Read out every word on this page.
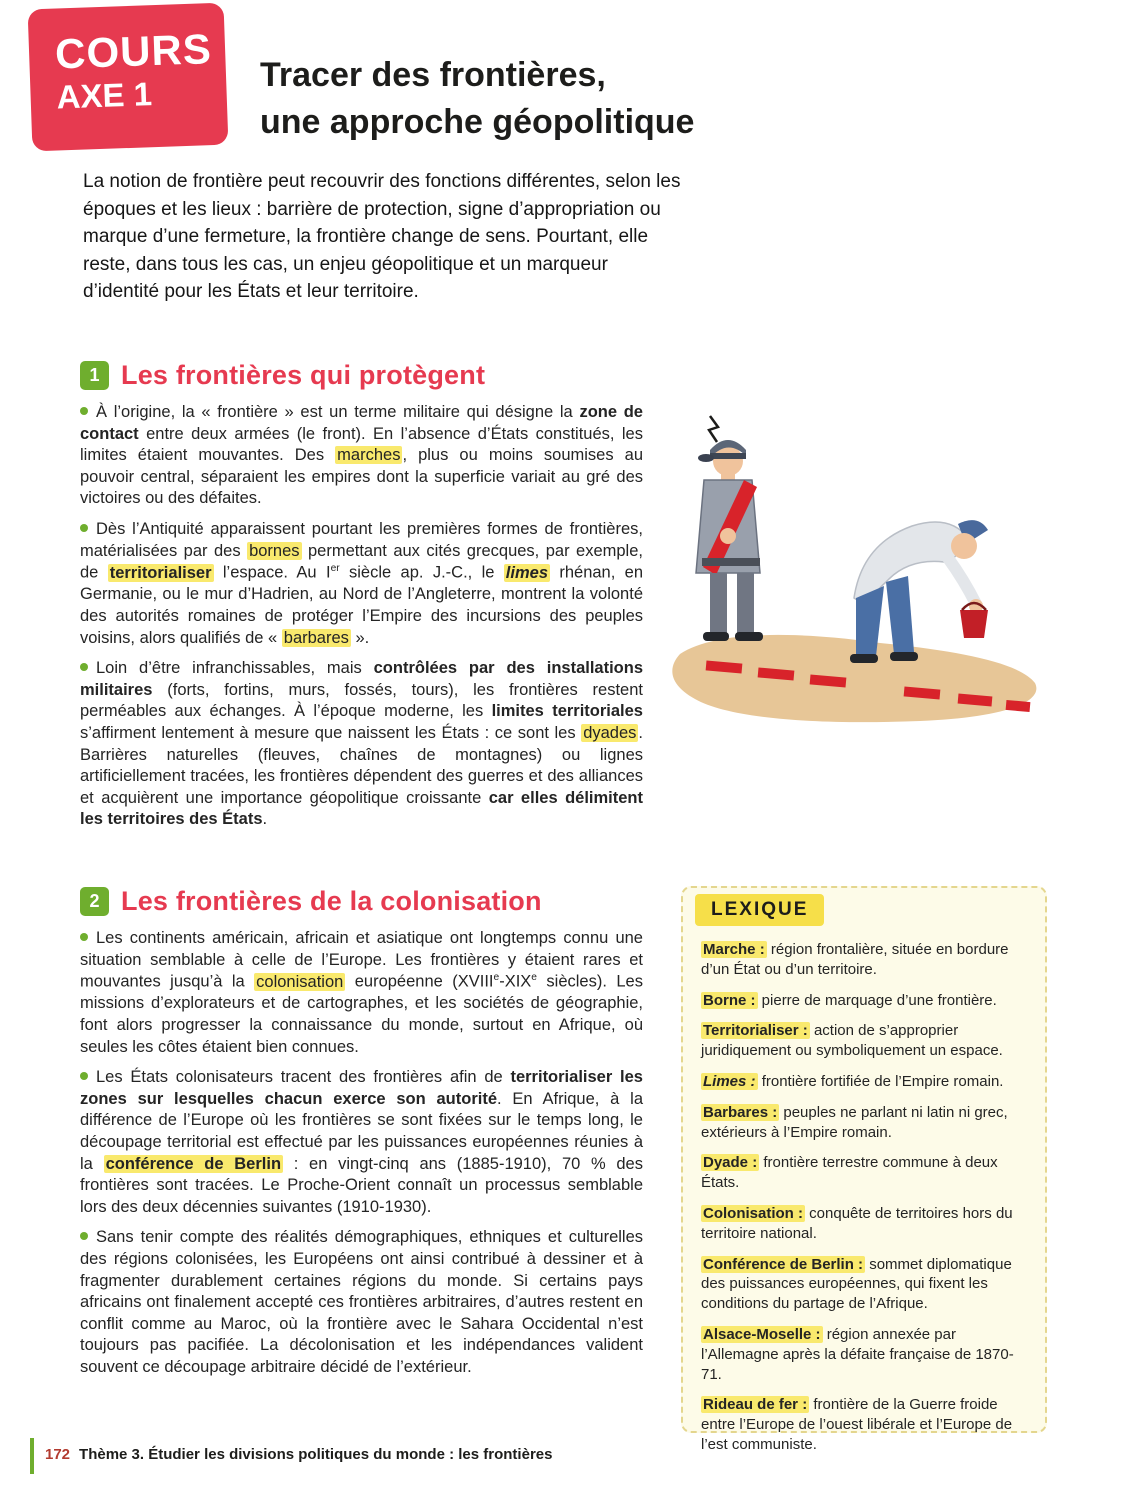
COURS
AXE 1
Tracer des frontières,
une approche géopolitique
La notion de frontière peut recouvrir des fonctions différentes, selon les époques et les lieux : barrière de protection, signe d’appropriation ou marque d’une fermeture, la frontière change de sens. Pourtant, elle reste, dans tous les cas, un enjeu géopolitique et un marqueur d’identité pour les États et leur territoire.
1 Les frontières qui protègent

À l’origine, la « frontière » est un terme militaire qui désigne la zone de contact entre deux armées (le front). En l’absence d’États constitués, les limites étaient mouvantes. Des marches , plus ou moins soumises au pouvoir central, séparaient les empires dont la superficie variait au gré des victoires ou des défaites.

Dès l’Antiquité apparaissent pourtant les premières formes de frontières, matérialisées par des bornes permettant aux cités grecques, par exemple, de territorialiser l’espace. Au Ier siècle ap. J.-C., le limes rhénan, en Germanie, ou le mur d’Hadrien, au Nord de l’Angleterre, montrent la volonté des autorités romaines de protéger l’Empire des incursions des peuples voisins, alors qualifiés de « barbares ».

Loin d’être infranchissables, mais contrôlées par des installations militaires (forts, fortins, murs, fossés, tours), les frontières restent perméables aux échanges. À l’époque moderne, les limites territoriales s’affirment lentement à mesure que naissent les États : ce sont les dyades . Barrières naturelles (fleuves, chaînes de montagnes) ou lignes artificiellement tracées, les frontières dépendent des guerres et des alliances et acquièrent une importance géopolitique croissante car elles délimitent les territoires des États.

2 Les frontières de la colonisation

Les continents américain, africain et asiatique ont longtemps connu une situation semblable à celle de l’Europe. Les frontières y étaient rares et mouvantes jusqu’à la colonisation européenne (XVIIIe-XIXe siècles). Les missions d’explorateurs et de cartographes, et les sociétés de géographie, font alors progresser la connaissance du monde, surtout en Afrique, où seules les côtes étaient bien connues.

Les États colonisateurs tracent des frontières afin de territorialiser les zones sur lesquelles chacun exerce son autorité. En Afrique, à la différence de l’Europe où les frontières se sont fixées sur le temps long, le découpage territorial est effectué par les puissances européennes réunies à la conférence de Berlin : en vingt-cinq ans (1885-1910), 70 % des frontières sont tracées. Le Proche-Orient connaît un processus semblable lors des deux décennies suivantes (1910-1930).

Sans tenir compte des réalités démographiques, ethniques et culturelles des régions colonisées, les Européens ont ainsi contribué à dessiner et à fragmenter durablement certaines régions du monde. Si certains pays africains ont finalement accepté ces frontières arbitraires, d’autres restent en conflit comme au Maroc, où la frontière avec le Sahara Occidental n’est toujours pas pacifiée. La décolonisation et les indépendances valident souvent ce découpage arbitraire décidé de l’extérieur.

LEXIQUE

Marche : région frontalière, située en bordure d’un État ou d’un territoire.

Borne : pierre de marquage d’une frontière.

Territorialiser : action de s’approprier juridiquement ou symboliquement un espace.

Limes : frontière fortifiée de l’Empire romain.

Barbares : peuples ne parlant ni latin ni grec, extérieurs à l’Empire romain.

Dyade : frontière terrestre commune à deux États.

Colonisation : conquête de territoires hors du territoire national.

Conférence de Berlin : sommet diplomatique des puissances européennes, qui fixent les conditions du partage de l’Afrique.

Alsace-Moselle : région annexée par l’Allemagne après la défaite française de 1870-71.

Rideau de fer : frontière de la Guerre froide entre l’Europe de l’ouest libérale et l’Europe de l’est communiste.

172 Thème 3. Étudier les divisions politiques du monde : les frontières
